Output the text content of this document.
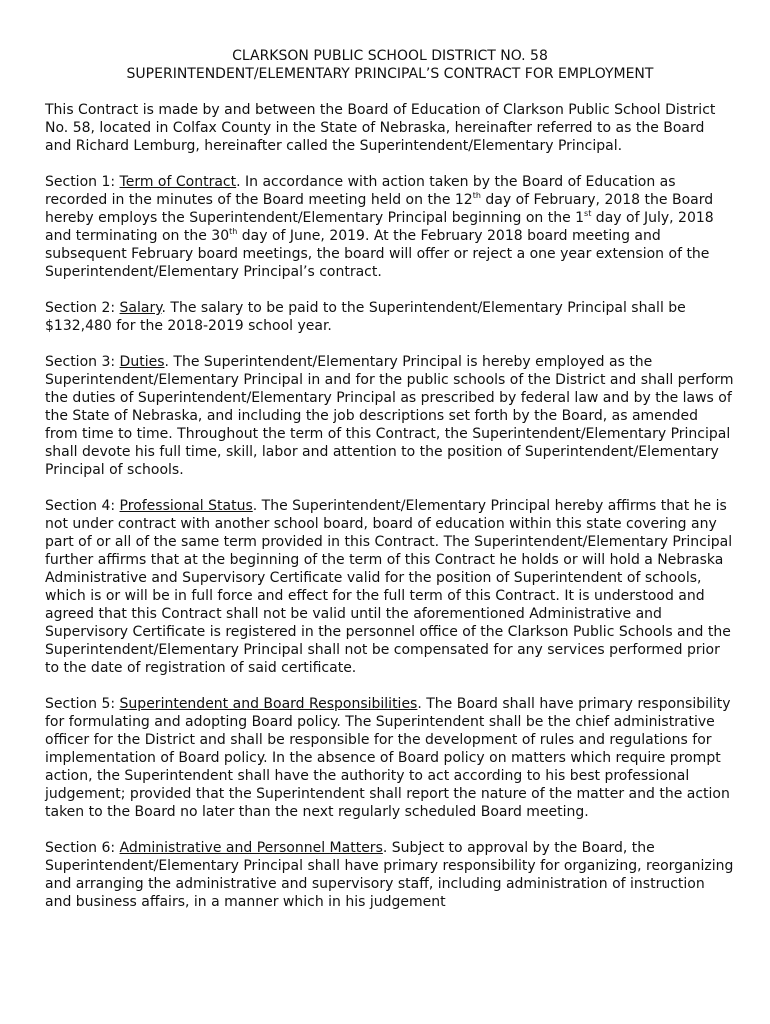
CLARKSON PUBLIC SCHOOL DISTRICT NO. 58
SUPERINTENDENT/ELEMENTARY PRINCIPAL’S CONTRACT FOR EMPLOYMENT

This Contract is made by and between the Board of Education of Clarkson Public School District No. 58, located in Colfax County in the State of Nebraska, hereinafter referred to as the Board and Richard Lemburg, hereinafter called the Superintendent/Elementary Principal.

Section 1: Term of Contract. In accordance with action taken by the Board of Education as recorded in the minutes of the Board meeting held on the 12th day of February, 2018 the Board hereby employs the Superintendent/Elementary Principal beginning on the 1st day of July, 2018 and terminating on the 30th day of June, 2019. At the February 2018 board meeting and subsequent February board meetings, the board will offer or reject a one year extension of the Superintendent/Elementary Principal’s contract.

Section 2: Salary. The salary to be paid to the Superintendent/Elementary Principal shall be $132,480 for the 2018-2019 school year.

Section 3: Duties. The Superintendent/Elementary Principal is hereby employed as the Superintendent/Elementary Principal in and for the public schools of the District and shall perform the duties of Superintendent/Elementary Principal as prescribed by federal law and by the laws of the State of Nebraska, and including the job descriptions set forth by the Board, as amended from time to time. Throughout the term of this Contract, the Superintendent/Elementary Principal shall devote his full time, skill, labor and attention to the position of Superintendent/Elementary Principal of schools.

Section 4: Professional Status. The Superintendent/Elementary Principal hereby affirms that he is not under contract with another school board, board of education within this state covering any part of or all of the same term provided in this Contract. The Superintendent/Elementary Principal further affirms that at the beginning of the term of this Contract he holds or will hold a Nebraska Administrative and Supervisory Certificate valid for the position of Superintendent of schools, which is or will be in full force and effect for the full term of this Contract. It is understood and agreed that this Contract shall not be valid until the aforementioned Administrative and Supervisory Certificate is registered in the personnel office of the Clarkson Public Schools and the Superintendent/Elementary Principal shall not be compensated for any services performed prior to the date of registration of said certificate.

Section 5: Superintendent and Board Responsibilities. The Board shall have primary responsibility for formulating and adopting Board policy. The Superintendent shall be the chief administrative officer for the District and shall be responsible for the development of rules and regulations for implementation of Board policy. In the absence of Board policy on matters which require prompt action, the Superintendent shall have the authority to act according to his best professional judgement; provided that the Superintendent shall report the nature of the matter and the action taken to the Board no later than the next regularly scheduled Board meeting.

Section 6: Administrative and Personnel Matters. Subject to approval by the Board, the Superintendent/Elementary Principal shall have primary responsibility for organizing, reorganizing and arranging the administrative and supervisory staff, including administration of instruction and business affairs, in a manner which in his judgement
